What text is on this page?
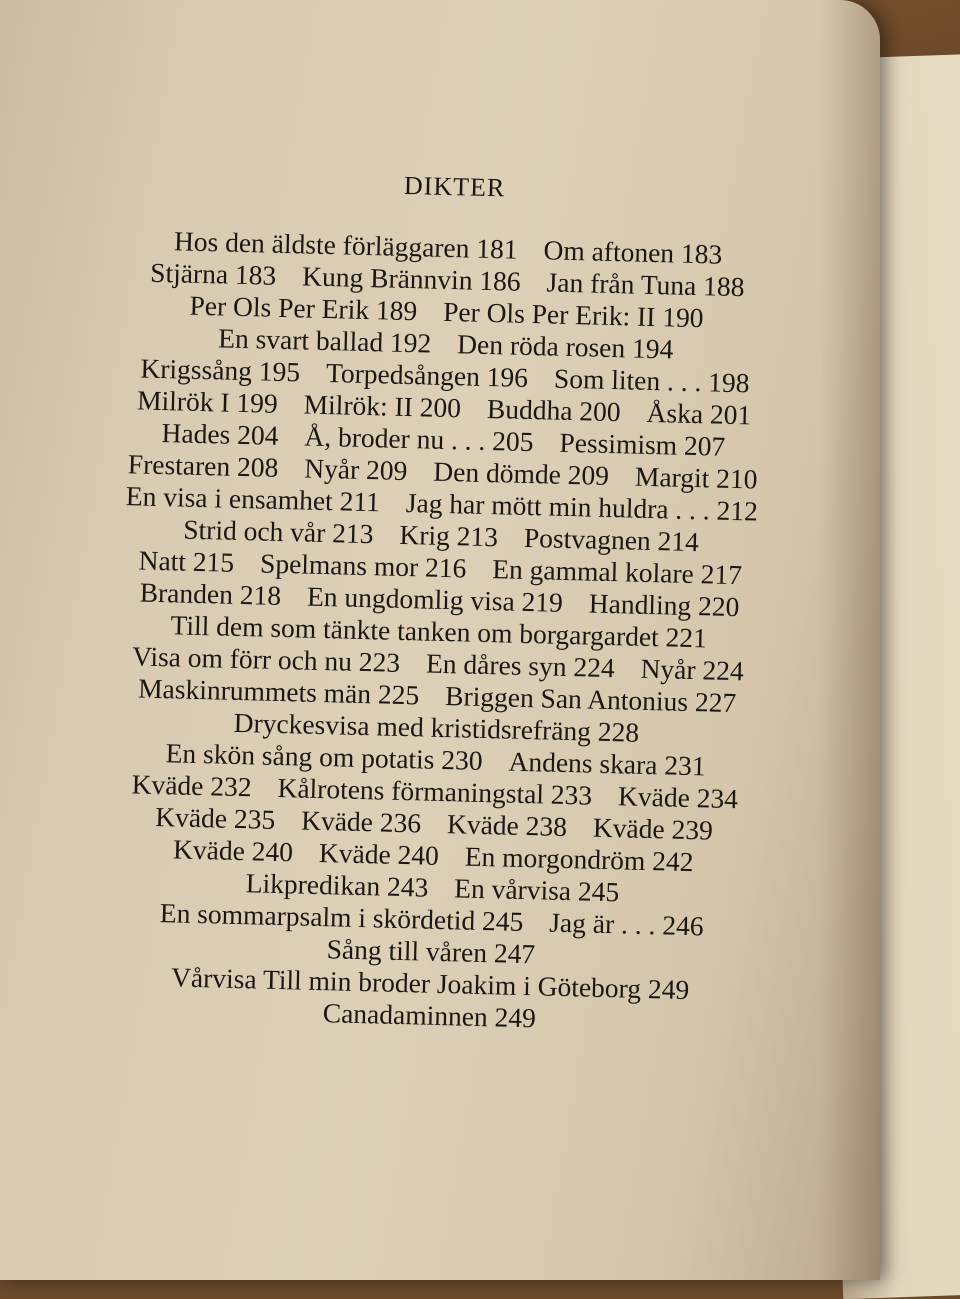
DIKTER
Hos den äldste förläggaren 181 Om aftonen 183
Stjärna 183 Kung Brännvin 186 Jan från Tuna 188
Per Ols Per Erik 189 Per Ols Per Erik: II 190
En svart ballad 192 Den röda rosen 194
Krigssång 195 Torpedsången 196 Som liten . . . 198
Milrök I 199 Milrök: II 200 Buddha 200 Åska 201
Hades 204 Å, broder nu . . . 205 Pessimism 207
Frestaren 208 Nyår 209 Den dömde 209 Margit 210
En visa i ensamhet 211 Jag har mött min huldra . . . 212
Strid och vår 213 Krig 213 Postvagnen 214
Natt 215 Spelmans mor 216 En gammal kolare 217
Branden 218 En ungdomlig visa 219 Handling 220
Till dem som tänkte tanken om borgargardet 221
Visa om förr och nu 223 En dåres syn 224 Nyår 224
Maskinrummets män 225 Briggen San Antonius 227
Dryckesvisa med kristidsrefräng 228
En skön sång om potatis 230 Andens skara 231
Kväde 232 Kålrotens förmaningstal 233 Kväde 234
Kväde 235 Kväde 236 Kväde 238 Kväde 239
Kväde 240 Kväde 240 En morgondröm 242
Likpredikan 243 En vårvisa 245
En sommarpsalm i skördetid 245 Jag är . . . 246
Sång till våren 247
Vårvisa Till min broder Joakim i Göteborg 249
Canadaminnen 249
